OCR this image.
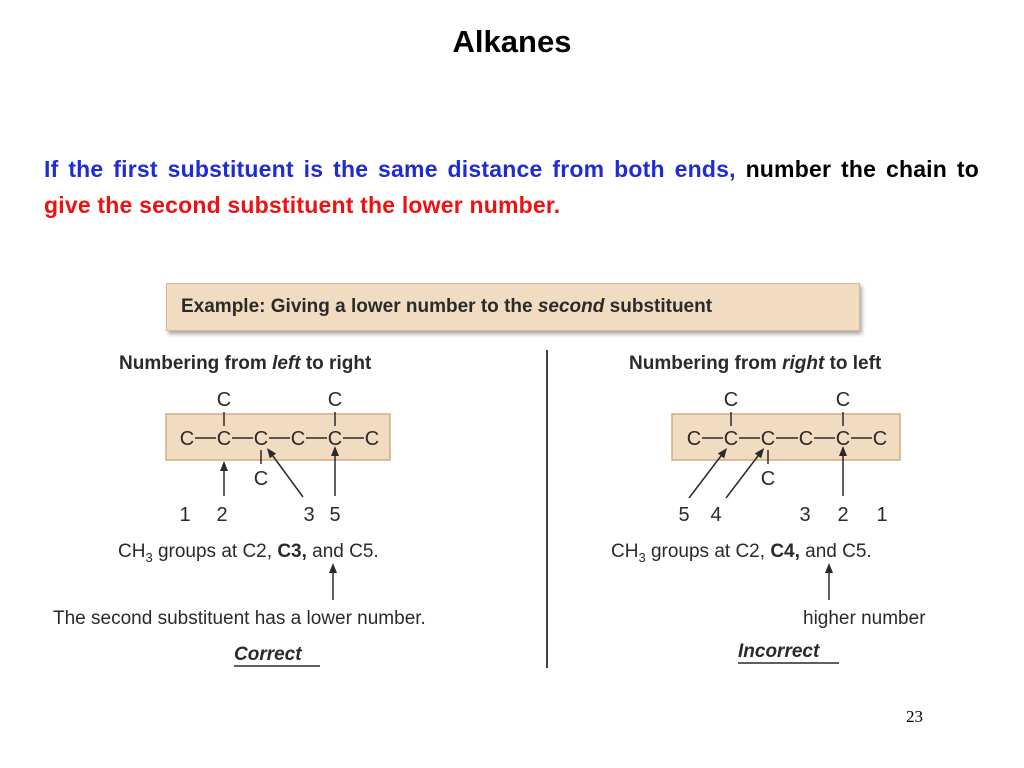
Alkanes
If the first substituent is the same distance from both ends, number the chain to give the second substituent the lower number.
Example: Giving a lower number to the second substituent
Numbering from left to right
C	C
C C C C C C
C
1 2	3 5
$CH_3$ groups at C2, C3, and C5.
The second substituent has a lower number.
Correct
Numbering from right to left
C	C
C C C C C C
C
5 4	3 2 1
$CH_3$ groups at C2, C4, and C5.
higher number
Incorrect
23
